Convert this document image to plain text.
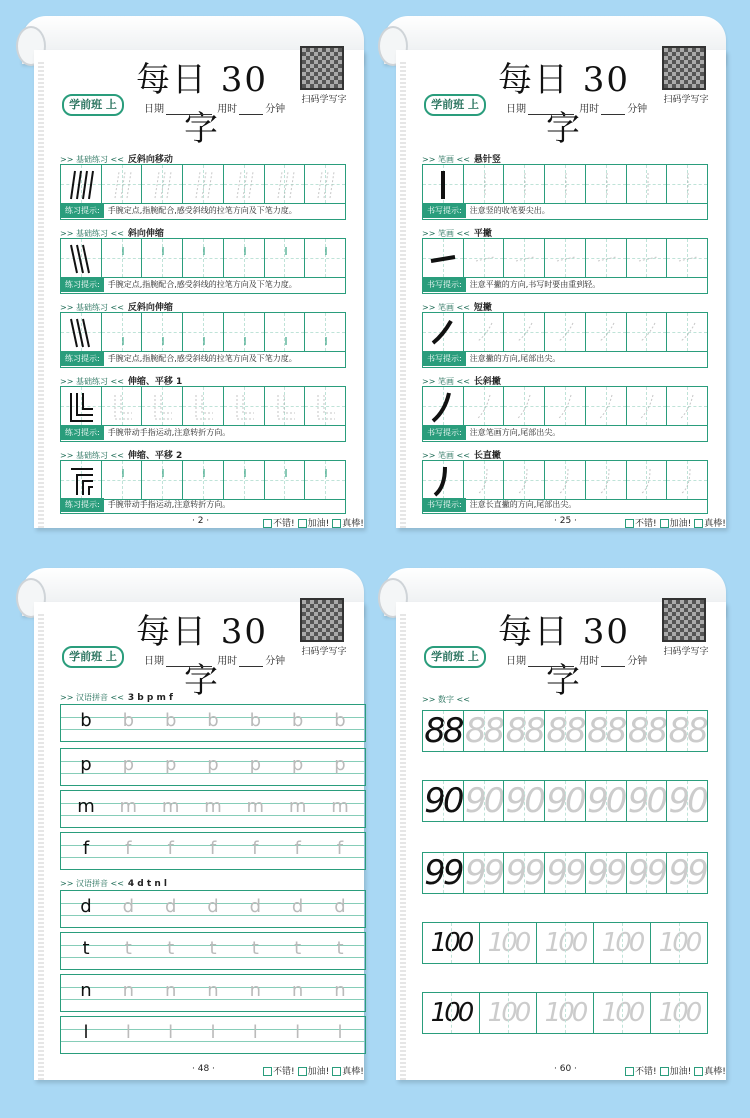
每日 30 字
扫码学写字
学前班 上	日期	用时	分钟
>> 基础练习 << 反斜向移动
练习提示: 手腕定点,指腕配合,感受斜线的拉笔方向及下笔力度。
>> 基础练习 << 斜向伸缩
练习提示: 手腕定点,指腕配合,感受斜线的拉笔方向及下笔力度。
>> 基础练习 << 反斜向伸缩
练习提示: 手腕定点,指腕配合,感受斜线的拉笔方向及下笔力度。
>> 基础练习 << 伸缩、平移 1
练习提示: 手腕带动手指运动,注意转折方向。
>> 基础练习 << 伸缩、平移 2
练习提示: 手腕带动手指运动,注意转折方向。
· 2 ·	不错! 加油! 真棒!
每日 30 字
扫码学写字
学前班 上	日期	用时	分钟
>> 笔画 << 悬针竖
书写提示: 注意竖的收笔要尖出。
>> 笔画 << 平撇
书写提示: 注意平撇的方向,书写时要由重到轻。
>> 笔画 << 短撇
书写提示: 注意撇的方向,尾部出尖。
>> 笔画 << 长斜撇
书写提示: 注意笔画方向,尾部出尖。
>> 笔画 << 长直撇
书写提示: 注意长直撇的方向,尾部出尖。
· 25 ·	不错! 加油! 真棒!
每日 30 字
扫码学写字
学前班 上	日期	用时	分钟
>> 汉语拼音 << 3 b p m f
b	b	b	b	b	b	b
p	p	p	p	p	p	p
m	m	m	m	m	m	m
f	f	f	f	f	f	f
>> 汉语拼音 << 4 d t n l
d	d	d	d	d	d	d
t	t	t	t	t	t	t
n	n	n	n	n	n	n
l	l	l	l	l	l	l
· 48 ·	不错! 加油! 真棒!
每日 30 字
扫码学写字
学前班 上	日期	用时	分钟
>> 数字 <<
88 88 88 88 88 88 88
90 90 90 90 90 90 90
99 99 99 99 99 99 99
100 100 100 100 100
100 100 100 100 100
· 60 ·	不错! 加油! 真棒!
